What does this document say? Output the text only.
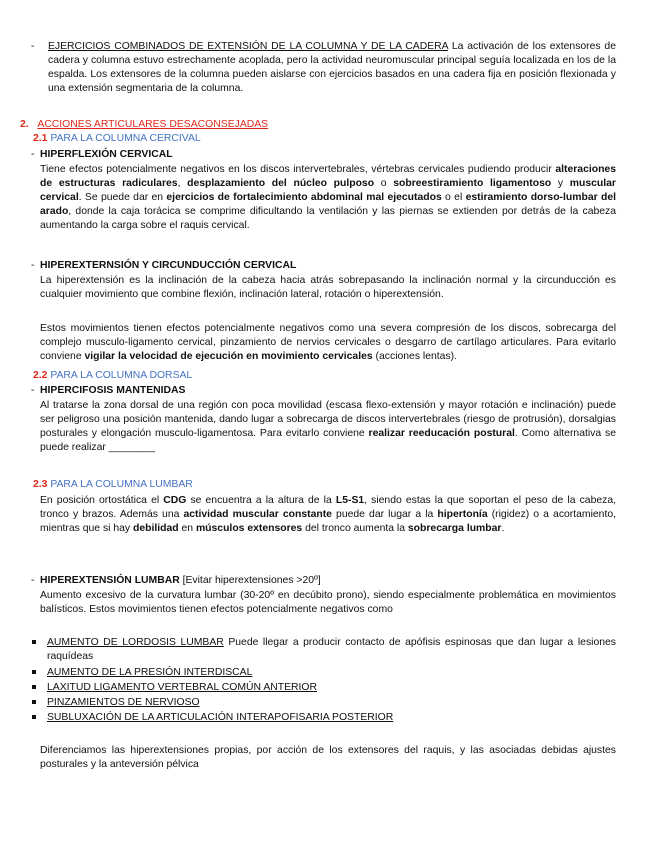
- EJERCICIOS COMBINADOS DE EXTENSIÓN DE LA COLUMNA Y DE LA CADERA La activación de los extensores de cadera y columna estuvo estrechamente acoplada, pero la actividad neuromuscular principal seguía localizada en los de la espalda. Los extensores de la columna pueden aislarse con ejercicios basados en una cadera fija en posición flexionada y una extensión segmentaria de la columna.

2. ACCIONES ARTICULARES DESACONSEJADAS
2.1 PARA LA COLUMNA CERCIVAL
- HIPERFLEXIÓN CERVICAL

Tiene efectos potencialmente negativos en los discos intervertebrales, vértebras cervicales pudiendo producir alteraciones de estructuras radiculares, desplazamiento del núcleo pulposo o sobreestiramiento ligamentoso y muscular cervical. Se puede dar en ejercicios de fortalecimiento abdominal mal ejecutados o el estiramiento dorso-lumbar del arado, donde la caja torácica se comprime dificultando la ventilación y las piernas se extienden por detrás de la cabeza aumentando la carga sobre el raquis cervical.

- HIPEREXTERNSIÓN Y CIRCUNDUCCIÓN CERVICAL

La hiperextensión es la inclinación de la cabeza hacia atrás sobrepasando la inclinación normal y la circunducción es cualquier movimiento que combine flexión, inclinación lateral, rotación o hiperextensión.

Estos movimientos tienen efectos potencialmente negativos como una severa compresión de los discos, sobrecarga del complejo musculo-ligamento cervical, pinzamiento de nervios cervicales o desgarro de cartílago articulares. Para evitarlo conviene vigilar la velocidad de ejecución en movimiento cervicales (acciones lentas).

2.2 PARA LA COLUMNA DORSAL
- HIPERCIFOSIS MANTENIDAS

Al tratarse la zona dorsal de una región con poca movilidad (escasa flexo-extensión y mayor rotación e inclinación) puede ser peligroso una posición mantenida, dando lugar a sobrecarga de discos intervertebrales (riesgo de protrusión), dorsalgias posturales y elongación musculo-ligamentosa. Para evitarlo conviene realizar reeducación postural. Como alternativa se puede realizar ________

2.3 PARA LA COLUMNA LUMBAR

En posición ortostática el CDG se encuentra a la altura de la L5-S1, siendo estas la que soportan el peso de la cabeza, tronco y brazos. Además una actividad muscular constante puede dar lugar a la hipertonía (rigidez) o a acortamiento, mientras que si hay debilidad en músculos extensores del tronco aumenta la sobrecarga lumbar.

- HIPEREXTENSIÓN LUMBAR [Evitar hiperextensiones >20º]

Aumento excesivo de la curvatura lumbar (30-20º en decúbito prono), siendo especialmente problemática en movimientos balísticos. Estos movimientos tienen efectos potencialmente negativos como

AUMENTO DE LORDOSIS LUMBAR Puede llegar a producir contacto de apófisis espinosas que dan lugar a lesiones raquídeas

AUMENTO DE LA PRESIÓN INTERDISCAL
LAXITUD LIGAMENTO VERTEBRAL COMÚN ANTERIOR
PINZAMIENTOS DE NERVIOSO
SUBLUXACIÓN DE LA ARTICULACIÓN INTERAPOFISARIA POSTERIOR

Diferenciamos las hiperextensiones propias, por acción de los extensores del raquis, y las asociadas debidas ajustes posturales y la anteversión pélvica
